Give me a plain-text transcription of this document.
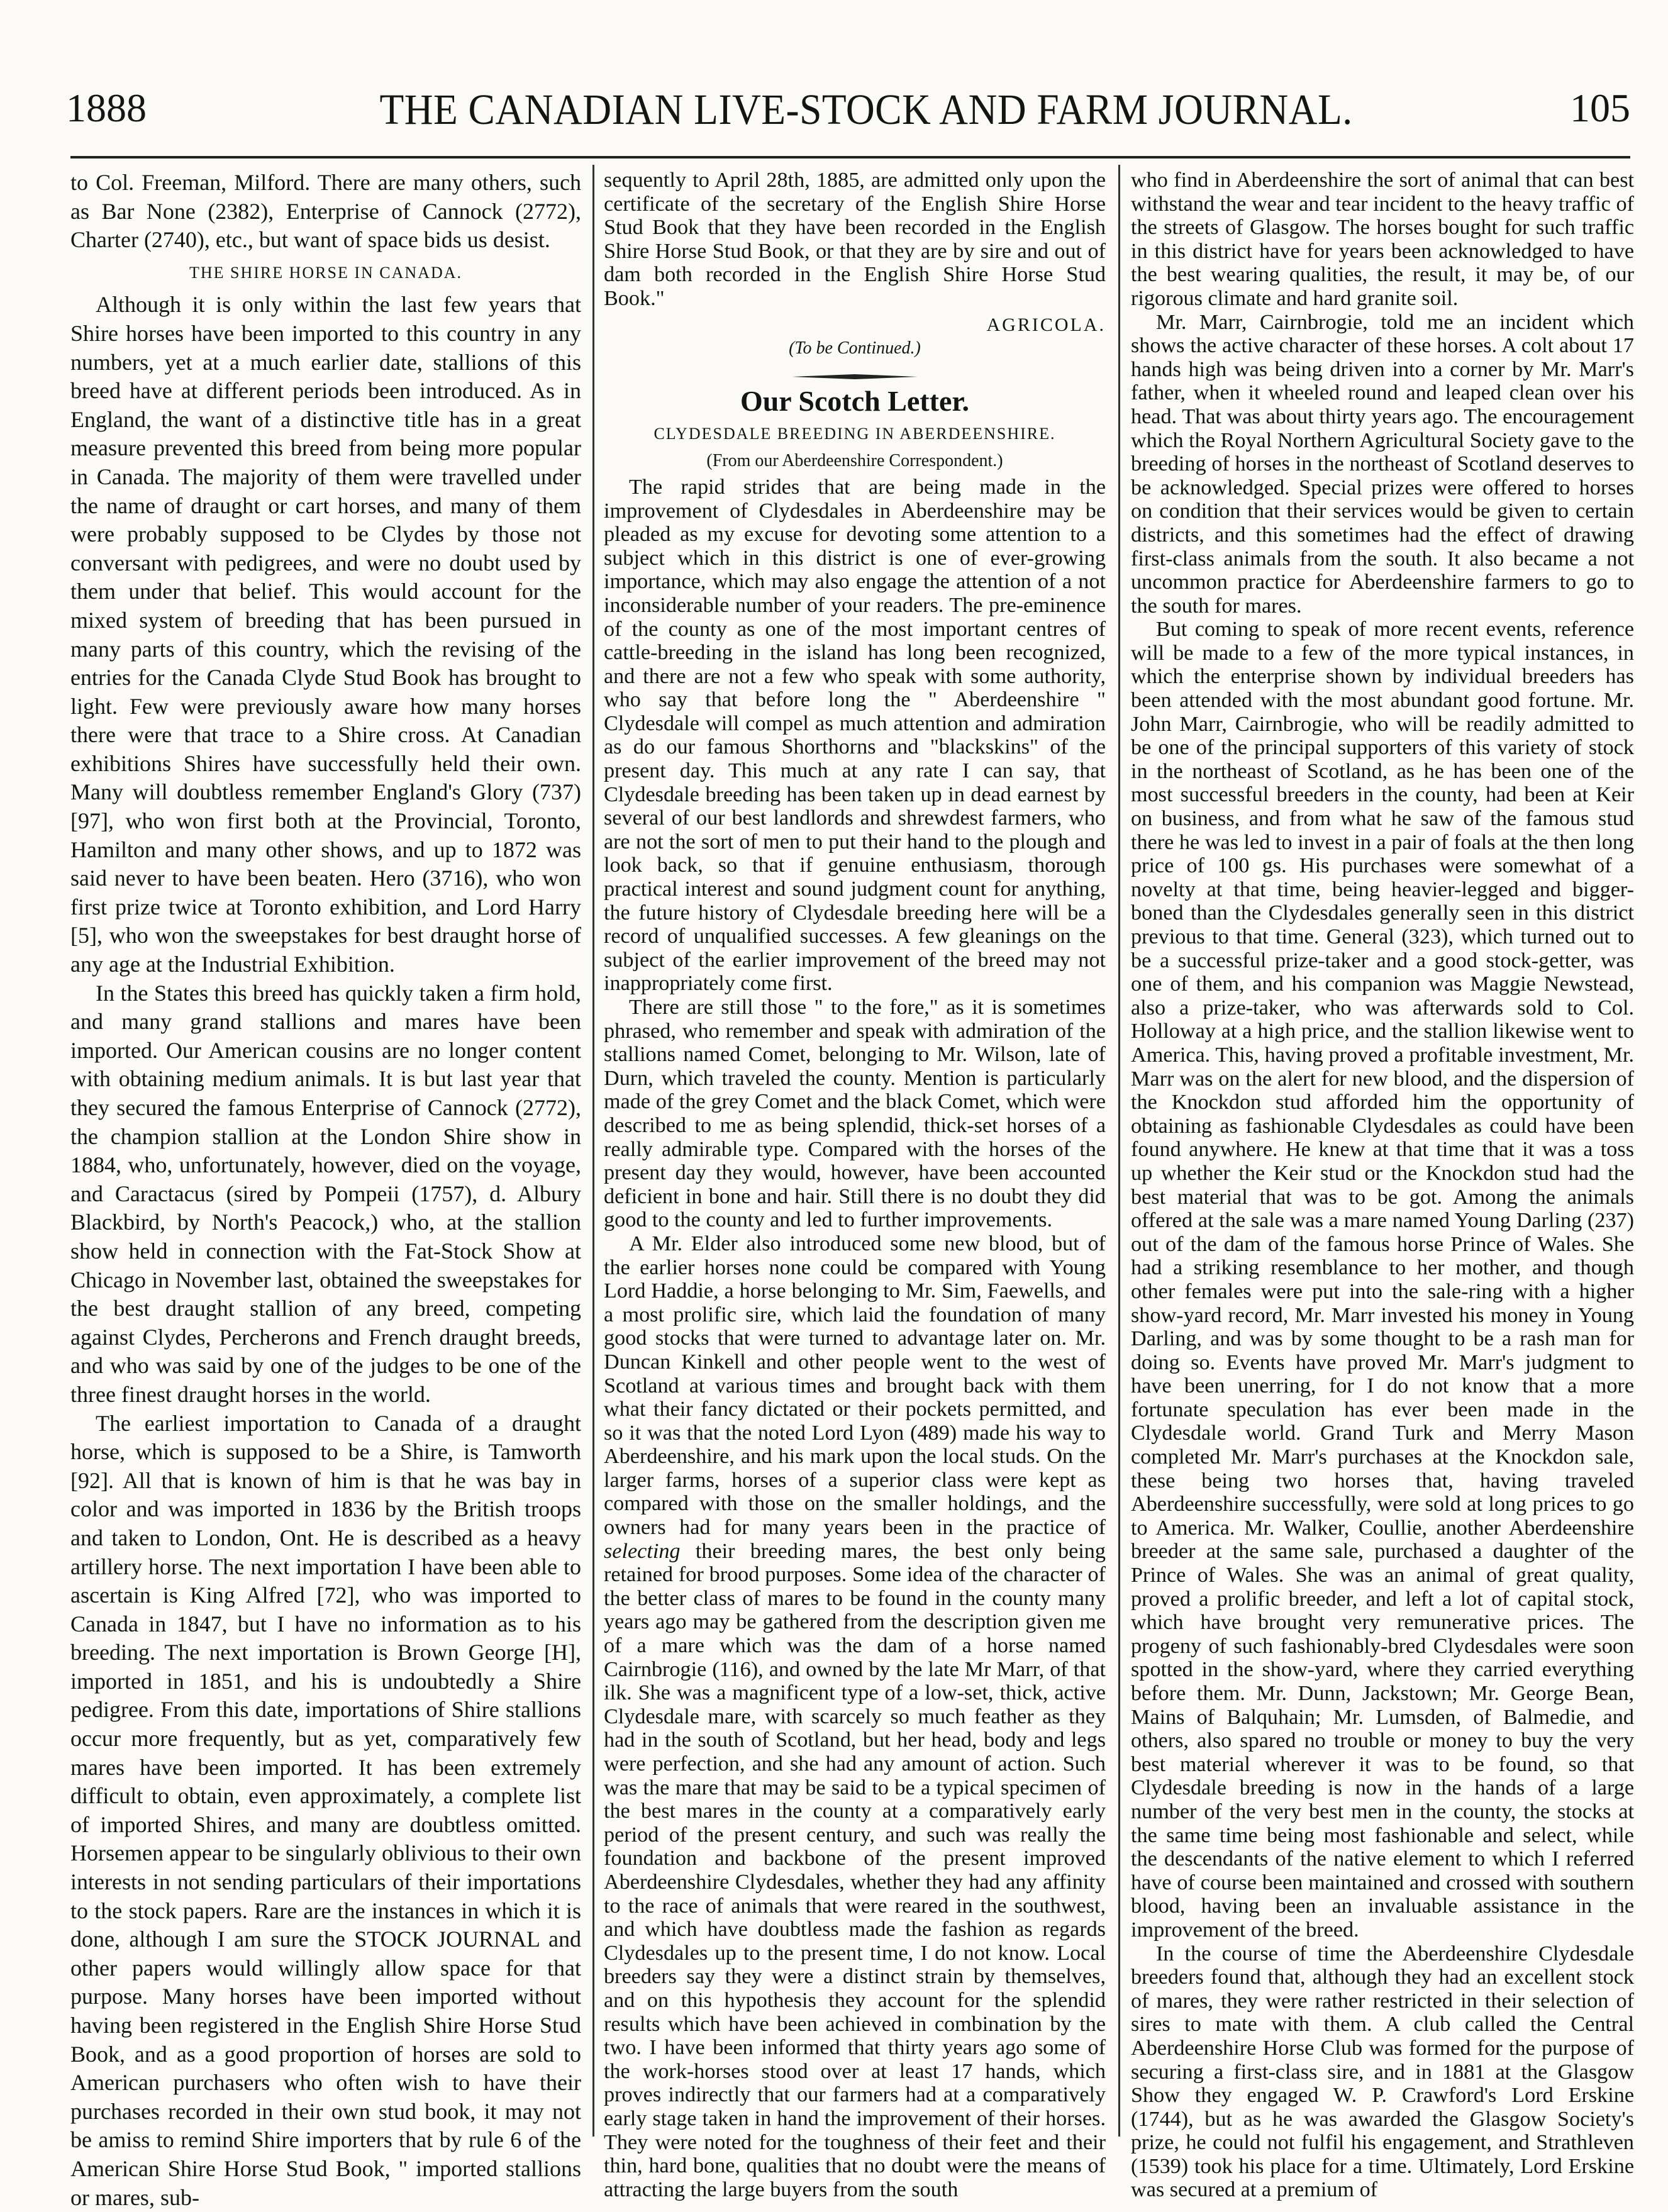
1888	THE CANADIAN LIVE-STOCK AND FARM JOURNAL.	105

to Col. Freeman, Milford. There are many others, such as Bar None (2382), Enterprise of Cannock (2772), Charter (2740), etc., but want of space bids us desist.

THE SHIRE HORSE IN CANADA.

Although it is only within the last few years that Shire horses have been imported to this country in any numbers, yet at a much earlier date, stallions of this breed have at different periods been introduced. As in England, the want of a distinctive title has in a great measure prevented this breed from being more popular in Canada. The majority of them were travelled under the name of draught or cart horses, and many of them were probably supposed to be Clydes by those not conversant with pedigrees, and were no doubt used by them under that belief. This would account for the mixed system of breeding that has been pursued in many parts of this country, which the revising of the entries for the Canada Clyde Stud Book has brought to light. Few were previously aware how many horses there were that trace to a Shire cross. At Canadian exhibitions Shires have successfully held their own. Many will doubtless remember England's Glory (737) [97], who won first both at the Provincial, Toronto, Hamilton and many other shows, and up to 1872 was said never to have been beaten. Hero (3716), who won first prize twice at Toronto exhibition, and Lord Harry [5], who won the sweepstakes for best draught horse of any age at the Industrial Exhibition.

In the States this breed has quickly taken a firm hold, and many grand stallions and mares have been imported. Our American cousins are no longer content with obtaining medium animals. It is but last year that they secured the famous Enterprise of Cannock (2772), the champion stallion at the London Shire show in 1884, who, unfortunately, however, died on the voyage, and Caractacus (sired by Pompeii (1757), d. Albury Blackbird, by North's Peacock,) who, at the stallion show held in connection with the Fat-Stock Show at Chicago in November last, obtained the sweepstakes for the best draught stallion of any breed, competing against Clydes, Percherons and French draught breeds, and who was said by one of the judges to be one of the three finest draught horses in the world.

The earliest importation to Canada of a draught horse, which is supposed to be a Shire, is Tamworth [92]. All that is known of him is that he was bay in color and was imported in 1836 by the British troops and taken to London, Ont. He is described as a heavy artillery horse. The next importation I have been able to ascertain is King Alfred [72], who was imported to Canada in 1847, but I have no information as to his breeding. The next importation is Brown George [H], imported in 1851, and his is undoubtedly a Shire pedigree. From this date, importations of Shire stallions occur more frequently, but as yet, comparatively few mares have been imported. It has been extremely difficult to obtain, even approximately, a complete list of imported Shires, and many are doubtless omitted. Horsemen appear to be singularly oblivious to their own interests in not sending particulars of their importations to the stock papers. Rare are the instances in which it is done, although I am sure the STOCK JOURNAL and other papers would willingly allow space for that purpose. Many horses have been imported without having been registered in the English Shire Horse Stud Book, and as a good proportion of horses are sold to American purchasers who often wish to have their purchases recorded in their own stud book, it may not be amiss to remind Shire importers that by rule 6 of the American Shire Horse Stud Book, " imported stallions or mares, sub-

sequently to April 28th, 1885, are admitted only upon the certificate of the secretary of the English Shire Horse Stud Book that they have been recorded in the English Shire Horse Stud Book, or that they are by sire and out of dam both recorded in the English Shire Horse Stud Book."

AGRICOLA.

(To be Continued.)

Our Scotch Letter.

CLYDESDALE BREEDING IN ABERDEENSHIRE.

(From our Aberdeenshire Correspondent.)

The rapid strides that are being made in the improvement of Clydesdales in Aberdeenshire may be pleaded as my excuse for devoting some attention to a subject which in this district is one of ever-growing importance, which may also engage the attention of a not inconsiderable number of your readers. The pre-eminence of the county as one of the most important centres of cattle-breeding in the island has long been recognized, and there are not a few who speak with some authority, who say that before long the " Aberdeenshire " Clydesdale will compel as much attention and admiration as do our famous Shorthorns and "blackskins" of the present day. This much at any rate I can say, that Clydesdale breeding has been taken up in dead earnest by several of our best landlords and shrewdest farmers, who are not the sort of men to put their hand to the plough and look back, so that if genuine enthusiasm, thorough practical interest and sound judgment count for anything, the future history of Clydesdale breeding here will be a record of unqualified successes. A few gleanings on the subject of the earlier improvement of the breed may not inappropriately come first.

There are still those " to the fore," as it is sometimes phrased, who remember and speak with admiration of the stallions named Comet, belonging to Mr. Wilson, late of Durn, which traveled the county. Mention is particularly made of the grey Comet and the black Comet, which were described to me as being splendid, thick-set horses of a really admirable type. Compared with the horses of the present day they would, however, have been accounted deficient in bone and hair. Still there is no doubt they did good to the county and led to further improvements.

A Mr. Elder also introduced some new blood, but of the earlier horses none could be compared with Young Lord Haddie, a horse belonging to Mr. Sim, Faewells, and a most prolific sire, which laid the foundation of many good stocks that were turned to advantage later on. Mr. Duncan Kinkell and other people went to the west of Scotland at various times and brought back with them what their fancy dictated or their pockets permitted, and so it was that the noted Lord Lyon (489) made his way to Aberdeenshire, and his mark upon the local studs. On the larger farms, horses of a superior class were kept as compared with those on the smaller holdings, and the owners had for many years been in the practice of selecting their breeding mares, the best only being retained for brood purposes. Some idea of the character of the better class of mares to be found in the county many years ago may be gathered from the description given me of a mare which was the dam of a horse named Cairnbrogie (116), and owned by the late Mr Marr, of that ilk. She was a magnificent type of a low-set, thick, active Clydesdale mare, with scarcely so much feather as they had in the south of Scotland, but her head, body and legs were perfection, and she had any amount of action. Such was the mare that may be said to be a typical specimen of the best mares in the county at a comparatively early period of the present century, and such was really the foundation and backbone of the present improved Aberdeenshire Clydesdales, whether they had any affinity to the race of animals that were reared in the southwest, and which have doubtless made the fashion as regards Clydesdales up to the present time, I do not know. Local breeders say they were a distinct strain by themselves, and on this hypothesis they account for the splendid results which have been achieved in combination by the two. I have been informed that thirty years ago some of the work-horses stood over at least 17 hands, which proves indirectly that our farmers had at a comparatively early stage taken in hand the improvement of their horses. They were noted for the toughness of their feet and their thin, hard bone, qualities that no doubt were the means of attracting the large buyers from the south

who find in Aberdeenshire the sort of animal that can best withstand the wear and tear incident to the heavy traffic of the streets of Glasgow. The horses bought for such traffic in this district have for years been acknowledged to have the best wearing qualities, the result, it may be, of our rigorous climate and hard granite soil.

Mr. Marr, Cairnbrogie, told me an incident which shows the active character of these horses. A colt about 17 hands high was being driven into a corner by Mr. Marr's father, when it wheeled round and leaped clean over his head. That was about thirty years ago. The encouragement which the Royal Northern Agricultural Society gave to the breeding of horses in the northeast of Scotland deserves to be acknowledged. Special prizes were offered to horses on condition that their services would be given to certain districts, and this sometimes had the effect of drawing first-class animals from the south. It also became a not uncommon practice for Aberdeenshire farmers to go to the south for mares.

But coming to speak of more recent events, reference will be made to a few of the more typical instances, in which the enterprise shown by individual breeders has been attended with the most abundant good fortune. Mr. John Marr, Cairnbrogie, who will be readily admitted to be one of the principal supporters of this variety of stock in the northeast of Scotland, as he has been one of the most successful breeders in the county, had been at Keir on business, and from what he saw of the famous stud there he was led to invest in a pair of foals at the then long price of 100 gs. His purchases were somewhat of a novelty at that time, being heavier-legged and bigger-boned than the Clydesdales generally seen in this district previous to that time. General (323), which turned out to be a successful prize-taker and a good stock-getter, was one of them, and his companion was Maggie Newstead, also a prize-taker, who was afterwards sold to Col. Holloway at a high price, and the stallion likewise went to America. This, having proved a profitable investment, Mr. Marr was on the alert for new blood, and the dispersion of the Knockdon stud afforded him the opportunity of obtaining as fashionable Clydesdales as could have been found anywhere. He knew at that time that it was a toss up whether the Keir stud or the Knockdon stud had the best material that was to be got. Among the animals offered at the sale was a mare named Young Darling (237) out of the dam of the famous horse Prince of Wales. She had a striking resemblance to her mother, and though other females were put into the sale-ring with a higher show-yard record, Mr. Marr invested his money in Young Darling, and was by some thought to be a rash man for doing so. Events have proved Mr. Marr's judgment to have been unerring, for I do not know that a more fortunate speculation has ever been made in the Clydesdale world. Grand Turk and Merry Mason completed Mr. Marr's purchases at the Knockdon sale, these being two horses that, having traveled Aberdeenshire successfully, were sold at long prices to go to America. Mr. Walker, Coullie, another Aberdeenshire breeder at the same sale, purchased a daughter of the Prince of Wales. She was an animal of great quality, proved a prolific breeder, and left a lot of capital stock, which have brought very remunerative prices. The progeny of such fashionably-bred Clydesdales were soon spotted in the show-yard, where they carried everything before them. Mr. Dunn, Jackstown; Mr. George Bean, Mains of Balquhain; Mr. Lumsden, of Balmedie, and others, also spared no trouble or money to buy the very best material wherever it was to be found, so that Clydesdale breeding is now in the hands of a large number of the very best men in the county, the stocks at the same time being most fashionable and select, while the descendants of the native element to which I referred have of course been maintained and crossed with southern blood, having been an invaluable assistance in the improvement of the breed.

In the course of time the Aberdeenshire Clydesdale breeders found that, although they had an excellent stock of mares, they were rather restricted in their selection of sires to mate with them. A club called the Central Aberdeenshire Horse Club was formed for the purpose of securing a first-class sire, and in 1881 at the Glasgow Show they engaged W. P. Crawford's Lord Erskine (1744), but as he was awarded the Glasgow Society's prize, he could not fulfil his engagement, and Strathleven (1539) took his place for a time. Ultimately, Lord Erskine was secured at a premium of
